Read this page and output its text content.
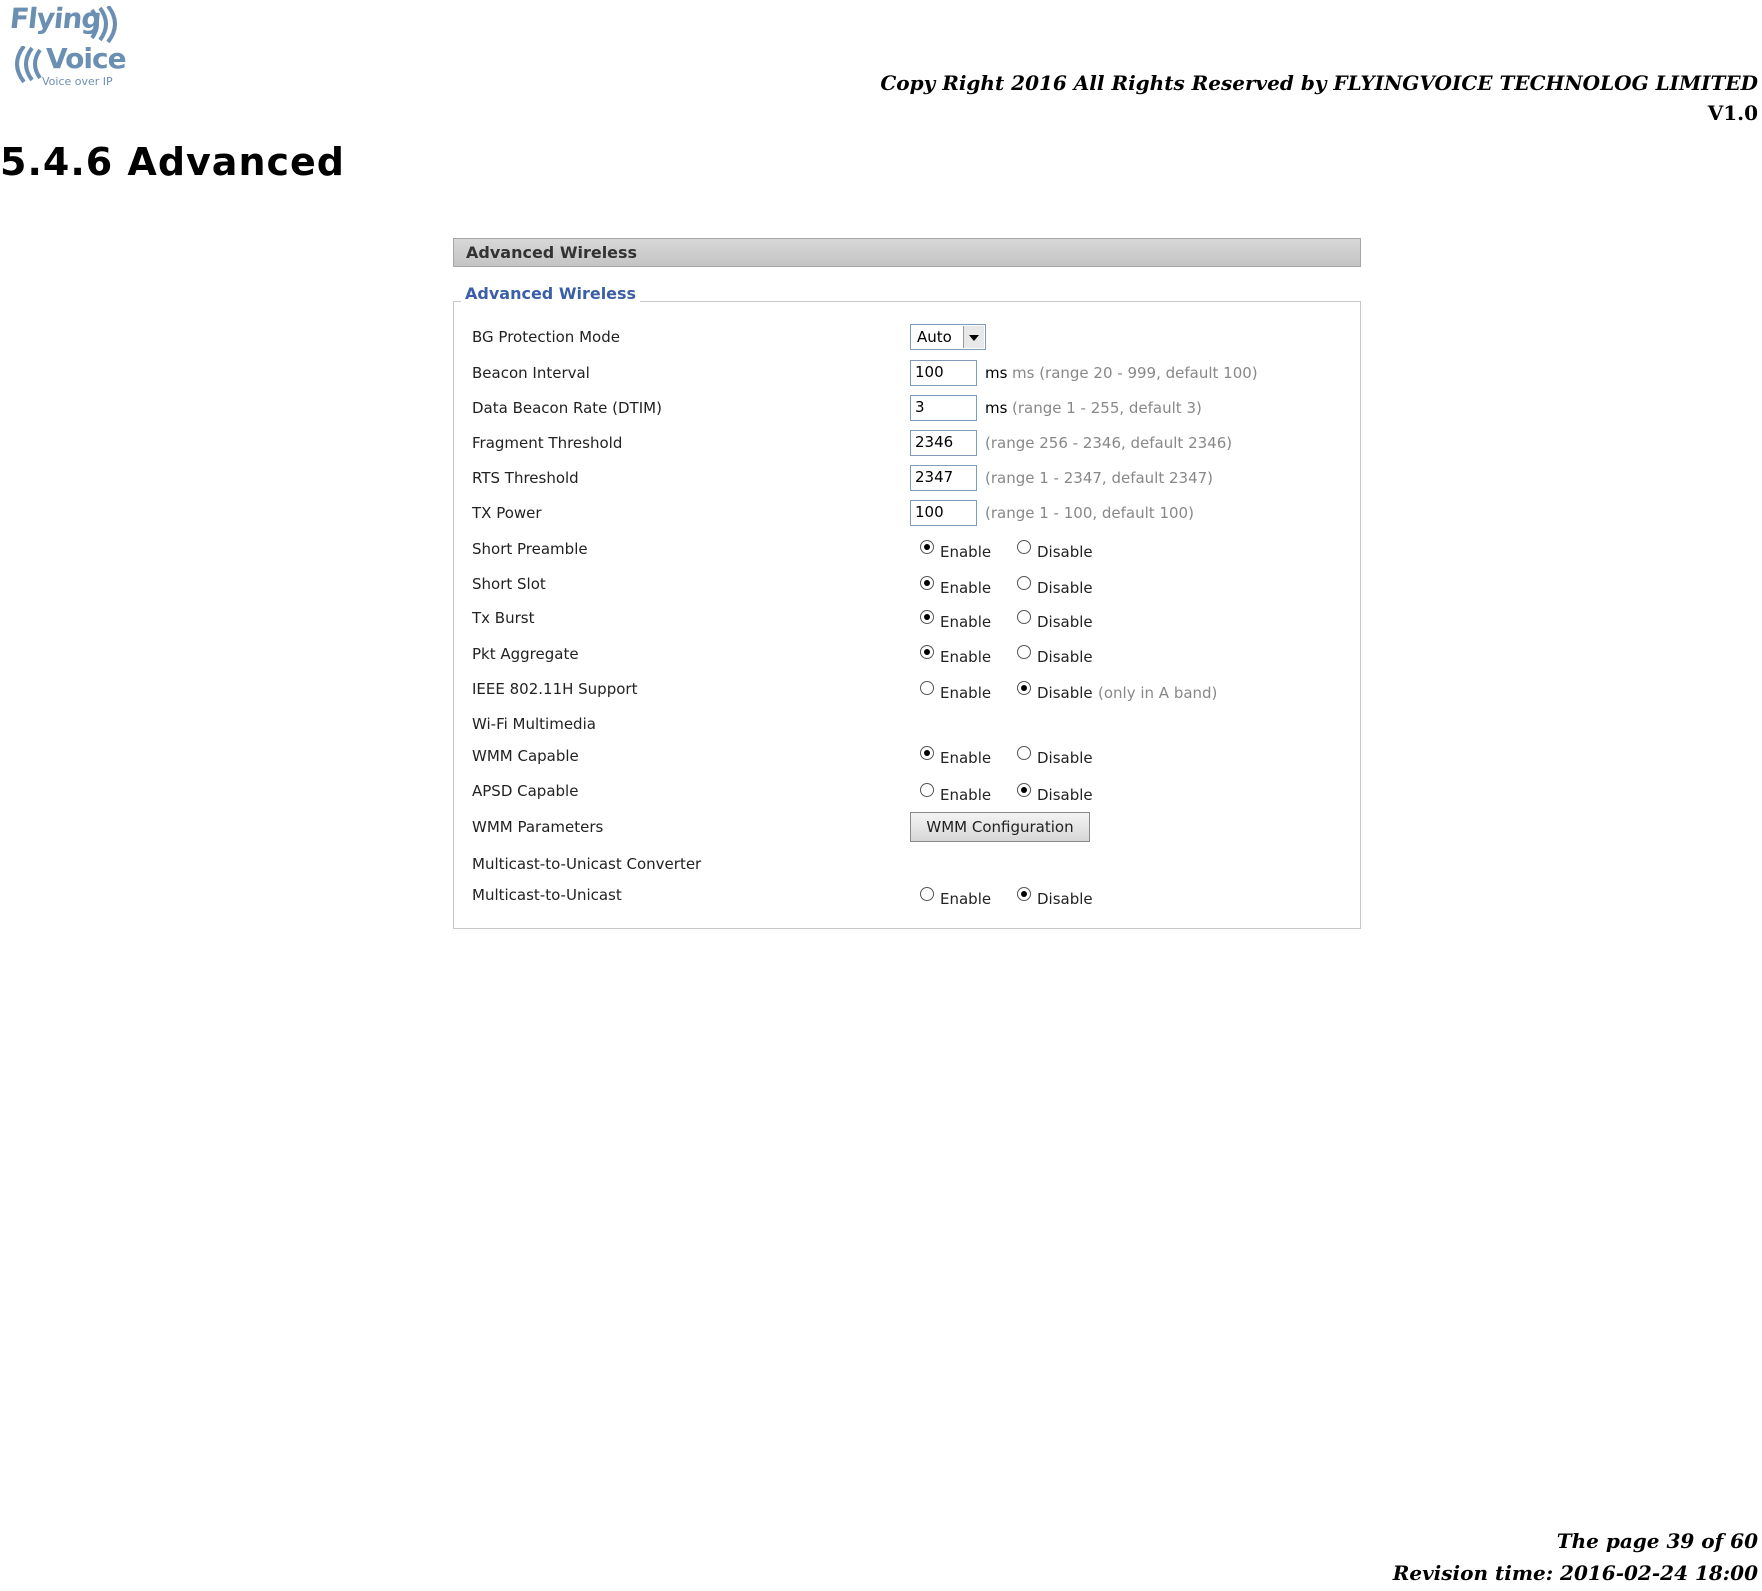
Flying
Voice
Voice over IP	Copy Right 2016 All Rights Reserved by FLYINGVOICE TECHNOLOG LIMITED
V1.0
5.4.6 Advanced
Advanced Wireless
Advanced Wireless
BG Protection Mode	Auto
Beacon Interval	100	ms ms (range 20 - 999, default 100)
Data Beacon Rate (DTIM)	3	ms (range 1 - 255, default 3)
Fragment Threshold	2346	(range 256 - 2346, default 2346)
RTS Threshold	2347	(range 1 - 2347, default 2347)
TX Power	100	(range 1 - 100, default 100)
Short Preamble	Enable	Disable
Short Slot	Enable	Disable
Tx Burst	Enable	Disable
Pkt Aggregate	Enable	Disable
IEEE 802.11H Support	Enable	Disable (only in A band)
Wi-Fi Multimedia
WMM Capable	Enable	Disable
APSD Capable	Enable	Disable
WMM Parameters	WMM Configuration
Multicast-to-Unicast Converter
Multicast-to-Unicast	Enable	Disable
The page 39 of 60
Revision time: 2016-02-24 18:00
